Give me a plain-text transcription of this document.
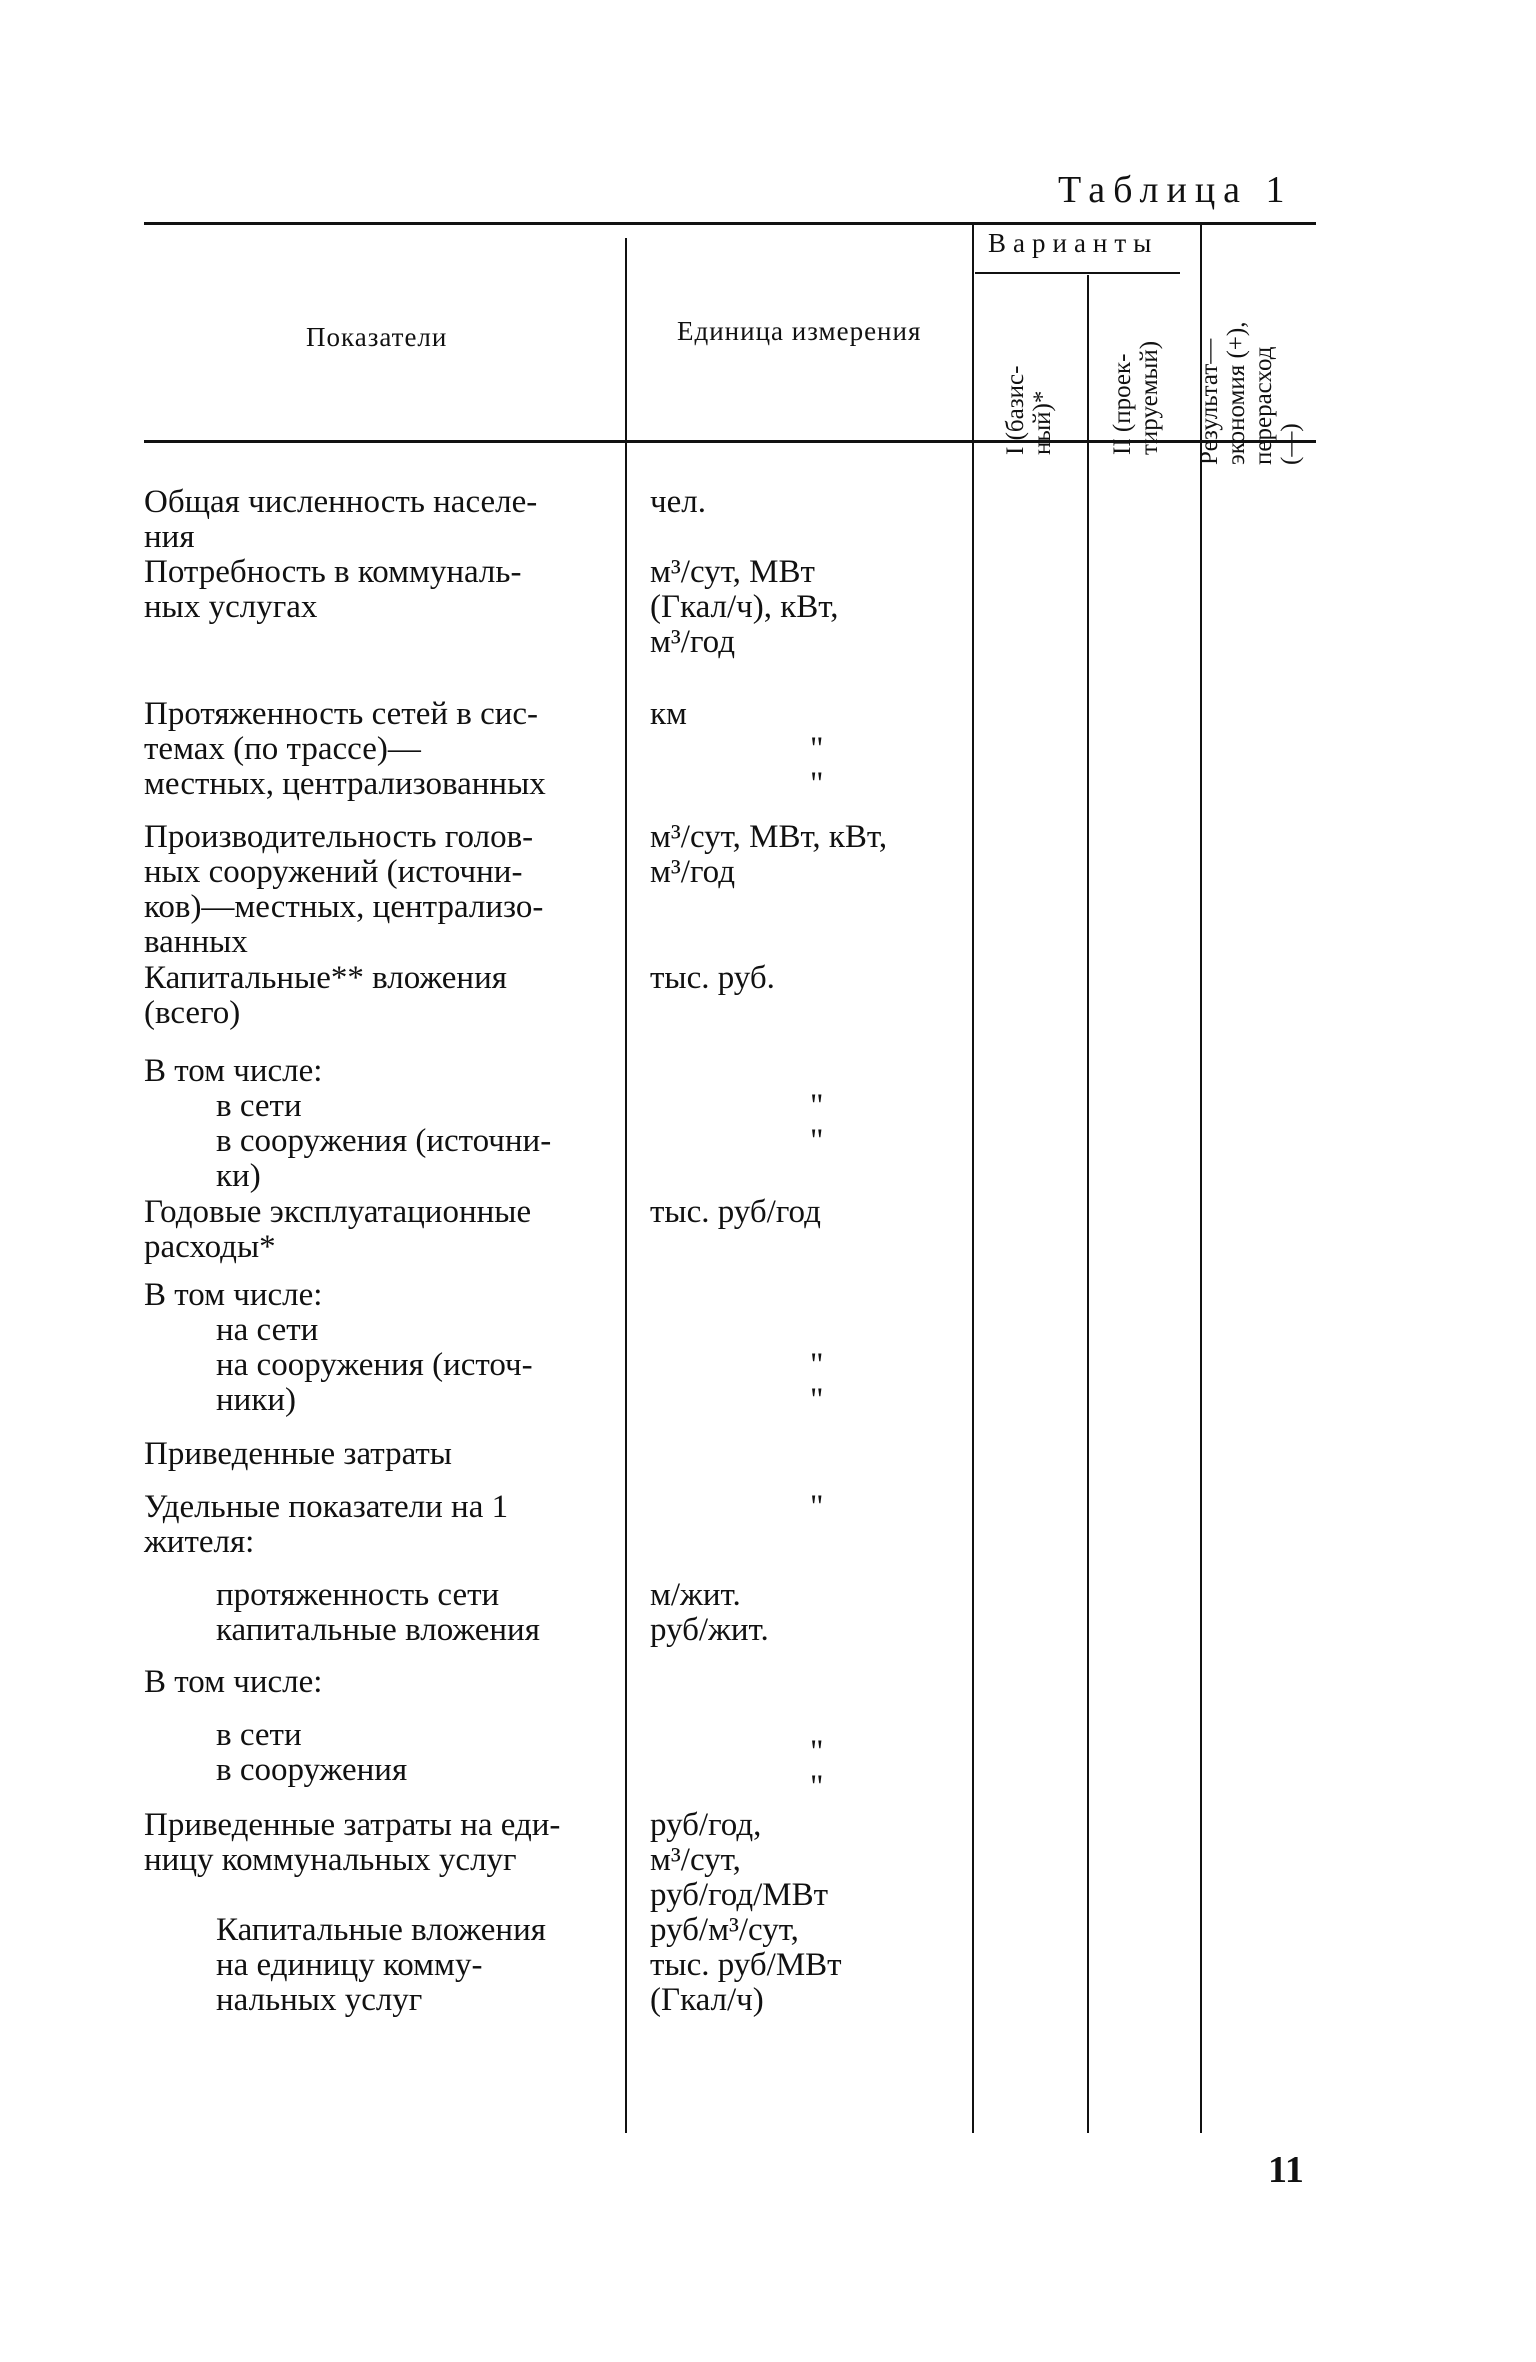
Таблица 1
Показатели	Единица измерения
Варианты
I (базис- ный)* II (проек- тируемый) Результат— экономия (+), перерасход (—)
Общая численность населе-
ния
Потребность в коммуналь-
ных услугах
Протяженность сетей в сис-
темах (по трассе)—
местных, централизованных
Производительность голов-
ных сооружений (источни-
ков)—местных, централизо-
ванных
Капитальные** вложения
(всего)
В том числе:
в сети
в сооружения (источни-
ки)
Годовые эксплуатационные
расходы*
В том числе:
на сети
на сооружения (источ-
ники)
Приведенные затраты
Удельные показатели на 1
жителя:
протяженность сети
капитальные вложения
В том числе:
в сети
в сооружения
Приведенные затраты на еди-
ницу коммунальных услуг
Капитальные вложения
на единицу комму-
нальных услуг
чел.
м³/сут, МВт
(Гкал/ч), кВт,
м³/год
км
"
"
м³/сут, МВт, кВт,
м³/год
тыс. руб.
"
"
тыс. руб/год
"
"
"
м/жит.
руб/жит.
"
"
руб/год,
м³/сут,
руб/год/МВт
руб/м³/сут,
тыс. руб/МВт
(Гкал/ч)
11
